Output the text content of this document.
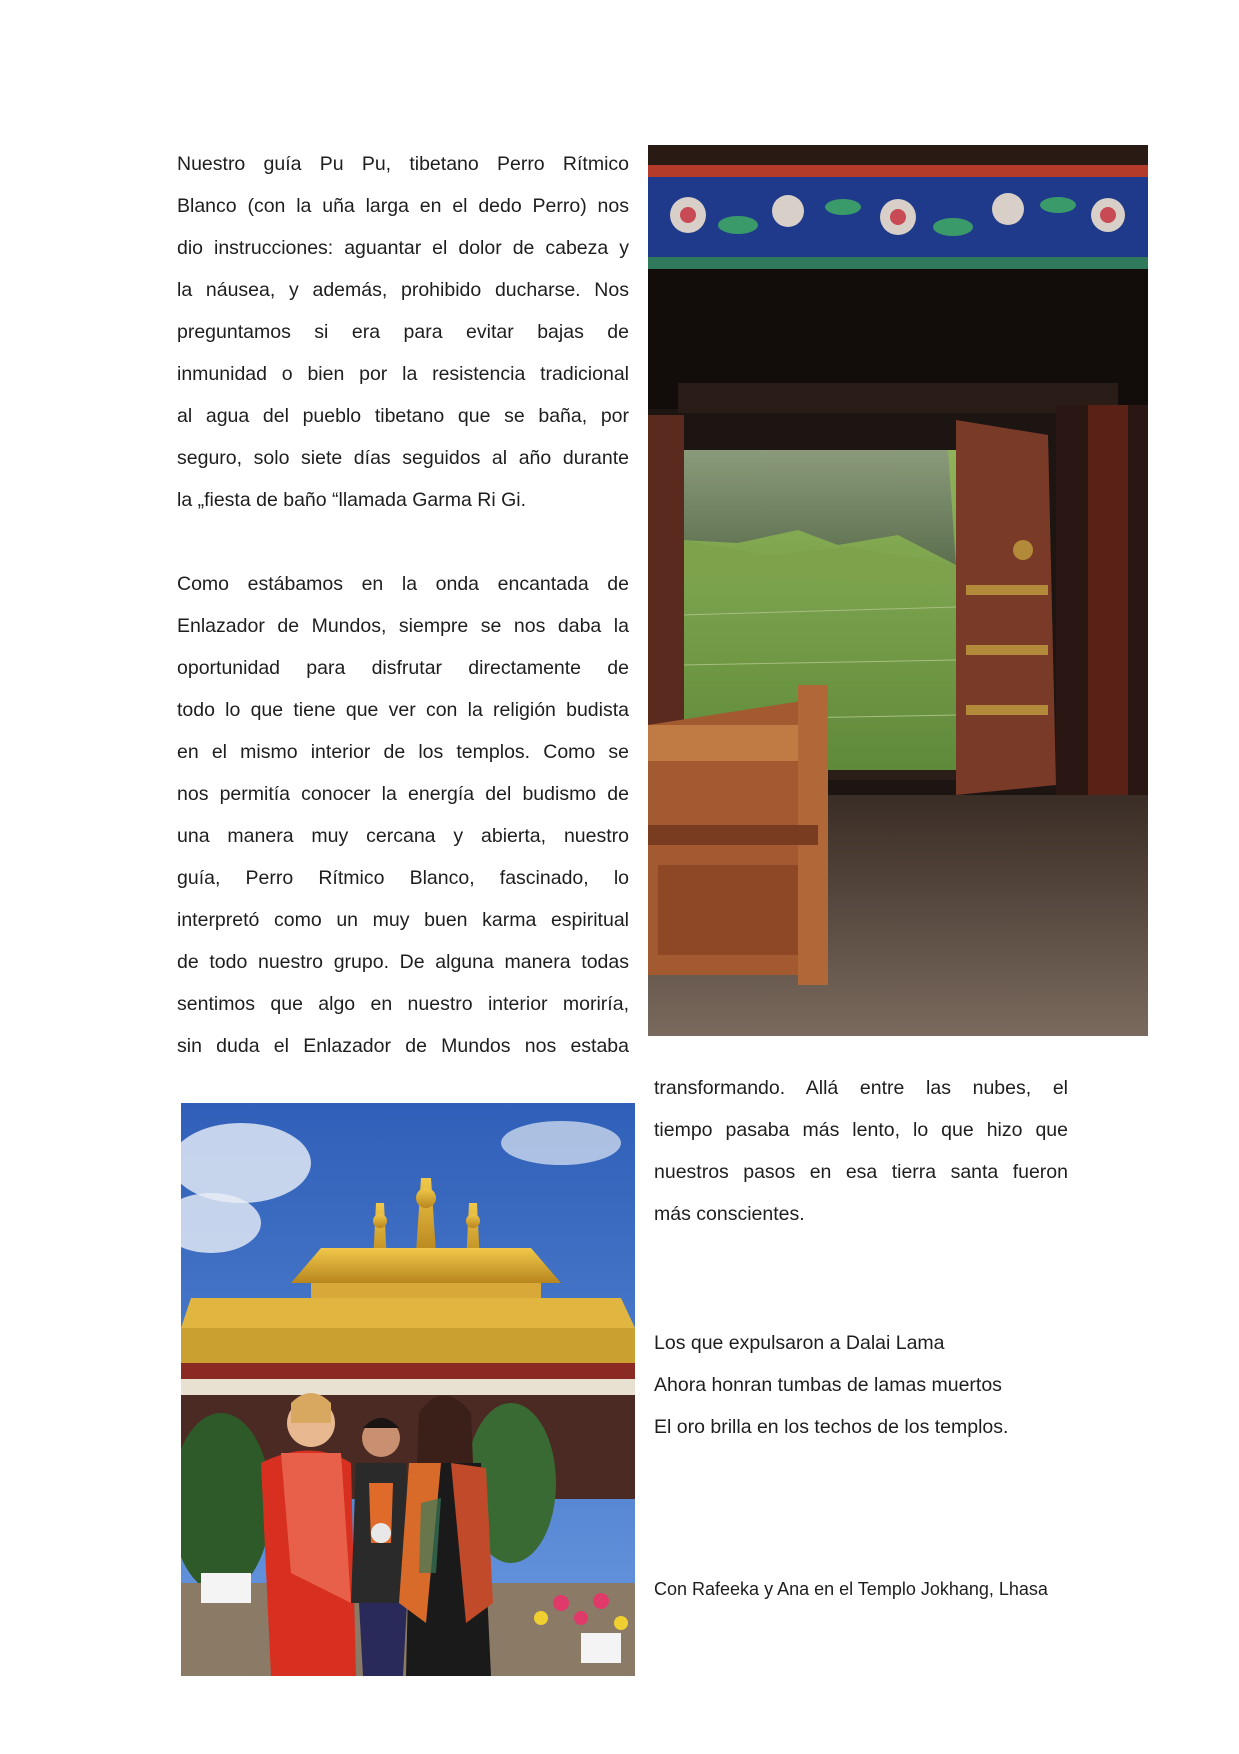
Nuestro guía Pu Pu, tibetano Perro Rítmico
Blanco (con la uña larga en el dedo Perro) nos
dio instrucciones: aguantar el dolor de cabeza y
la náusea, y además, prohibido ducharse. Nos
preguntamos si era para evitar bajas de
inmunidad o bien por la resistencia tradicional
al agua del pueblo tibetano que se baña, por
seguro, solo siete días seguidos al año durante
la „fiesta de baño “llamada Garma Ri Gi.
Como estábamos en la onda encantada de
Enlazador de Mundos, siempre se nos daba la
oportunidad para disfrutar directamente de
todo lo que tiene que ver con la religión budista
en el mismo interior de los templos. Como se
nos permitía conocer la energía del budismo de
una manera muy cercana y abierta, nuestro
guía, Perro Rítmico Blanco, fascinado, lo
interpretó como un muy buen karma espiritual
de todo nuestro grupo. De alguna manera todas
sentimos que algo en nuestro interior moriría,
sin duda el Enlazador de Mundos nos estaba
transformando. Allá entre las nubes, el
tiempo pasaba más lento, lo que hizo que
nuestros pasos en esa tierra santa fueron
más conscientes.
Los que expulsaron a Dalai Lama
Ahora honran tumbas de lamas muertos
El oro brilla en los techos de los templos.
Con Rafeeka y Ana en el Templo Jokhang, Lhasa
